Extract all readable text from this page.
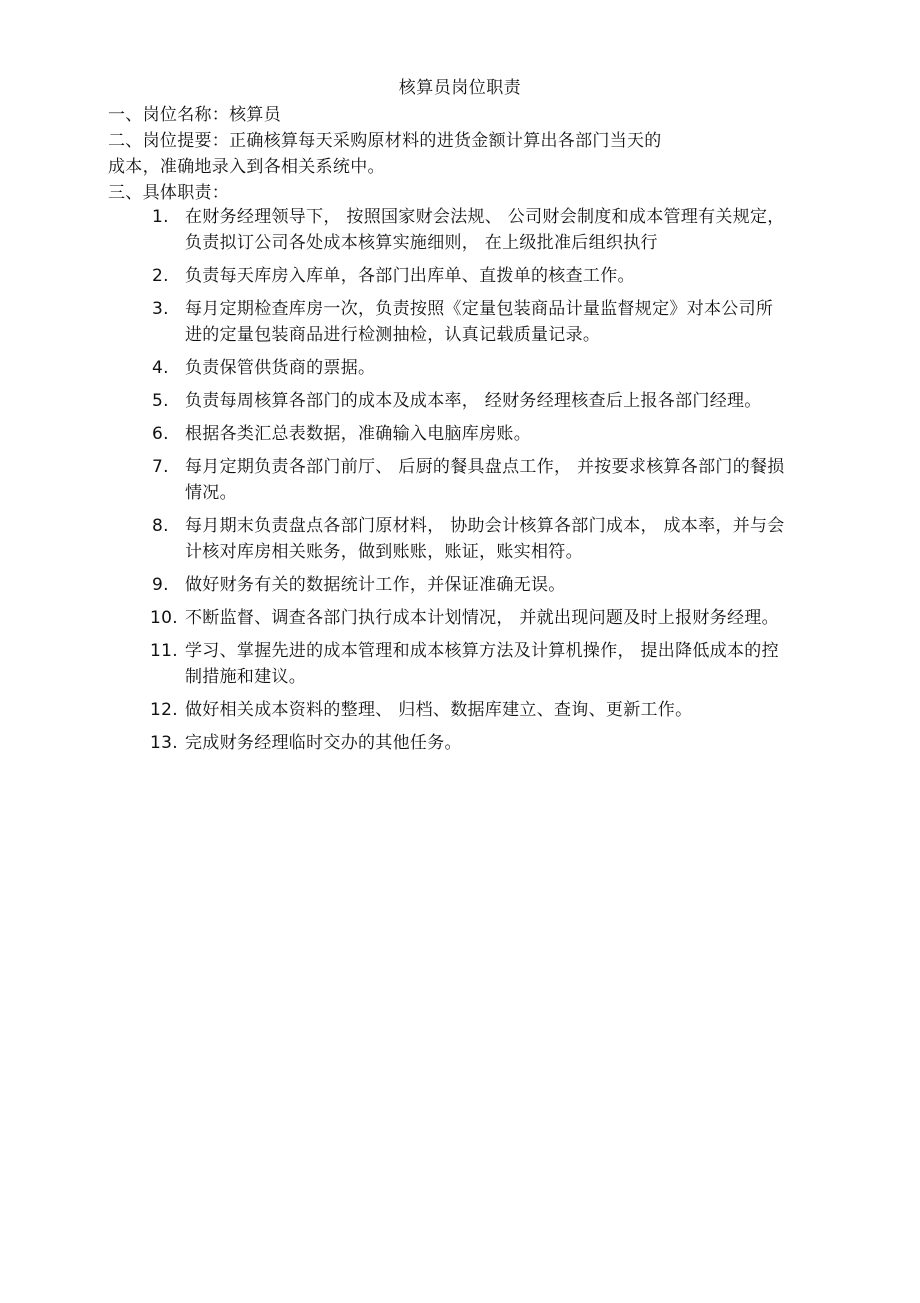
核算员岗位职责
一、岗位名称：核算员
二、岗位提要：正确核算每天采购原材料的进货金额计算出各部门当天的
成本，准确地录入到各相关系统中。
三、具体职责：
1. 在财务经理领导下， 按照国家财会法规、 公司财会制度和成本管理有关规定， 负责拟订公司各处成本核算实施细则， 在上级批准后组织执行
2. 负责每天库房入库单，各部门出库单、直拨单的核查工作。
3. 每月定期检查库房一次，负责按照《定量包装商品计量监督规定》对本公司所进的定量包装商品进行检测抽检，认真记载质量记录。
4. 负责保管供货商的票据。
5. 负责每周核算各部门的成本及成本率， 经财务经理核查后上报各部门经理。
6. 根据各类汇总表数据，准确输入电脑库房账。
7. 每月定期负责各部门前厅、 后厨的餐具盘点工作， 并按要求核算各部门的餐损情况。
8. 每月期末负责盘点各部门原材料， 协助会计核算各部门成本， 成本率，并与会计核对库房相关账务，做到账账，账证，账实相符。
9. 做好财务有关的数据统计工作，并保证准确无误。
10. 不断监督、调查各部门执行成本计划情况， 并就出现问题及时上报财务经理。
11. 学习、掌握先进的成本管理和成本核算方法及计算机操作， 提出降低成本的控制措施和建议。
12. 做好相关成本资料的整理、 归档、数据库建立、查询、更新工作。
13. 完成财务经理临时交办的其他任务。
